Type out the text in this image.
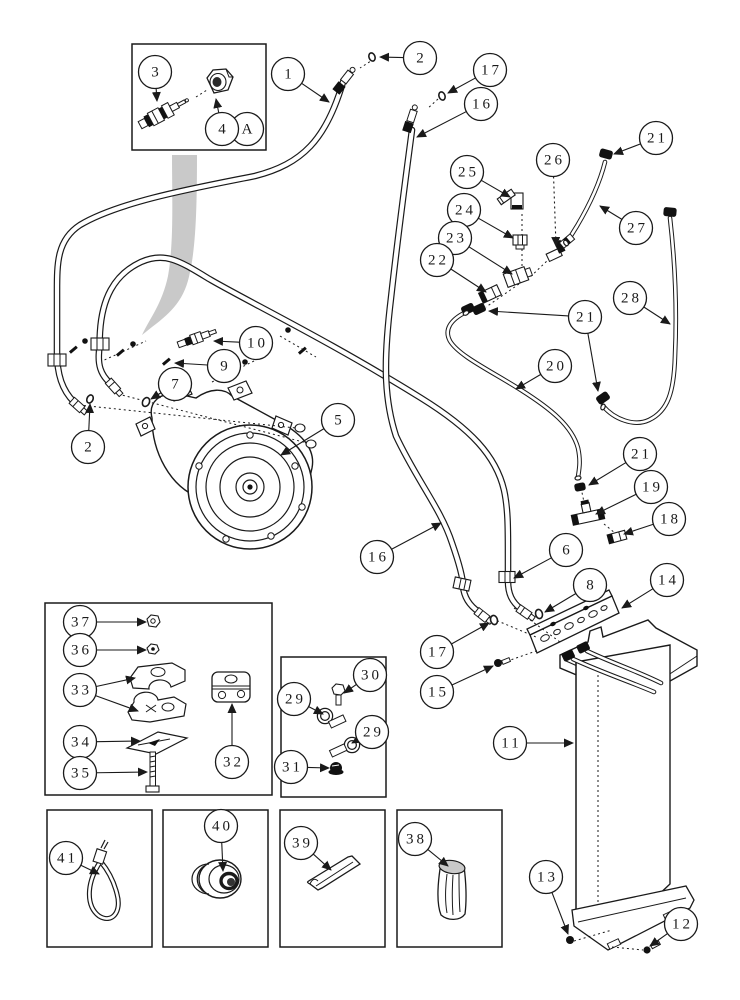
3
A
4
1
2
17
16
25
26
21
24
27
23
22
28
21
20
21
19
18
10
9
7
2
5
16	6
8	14
17
15
11
13
12
37
36
33
34
35
32
30
29
29
31
41
40
39	38
